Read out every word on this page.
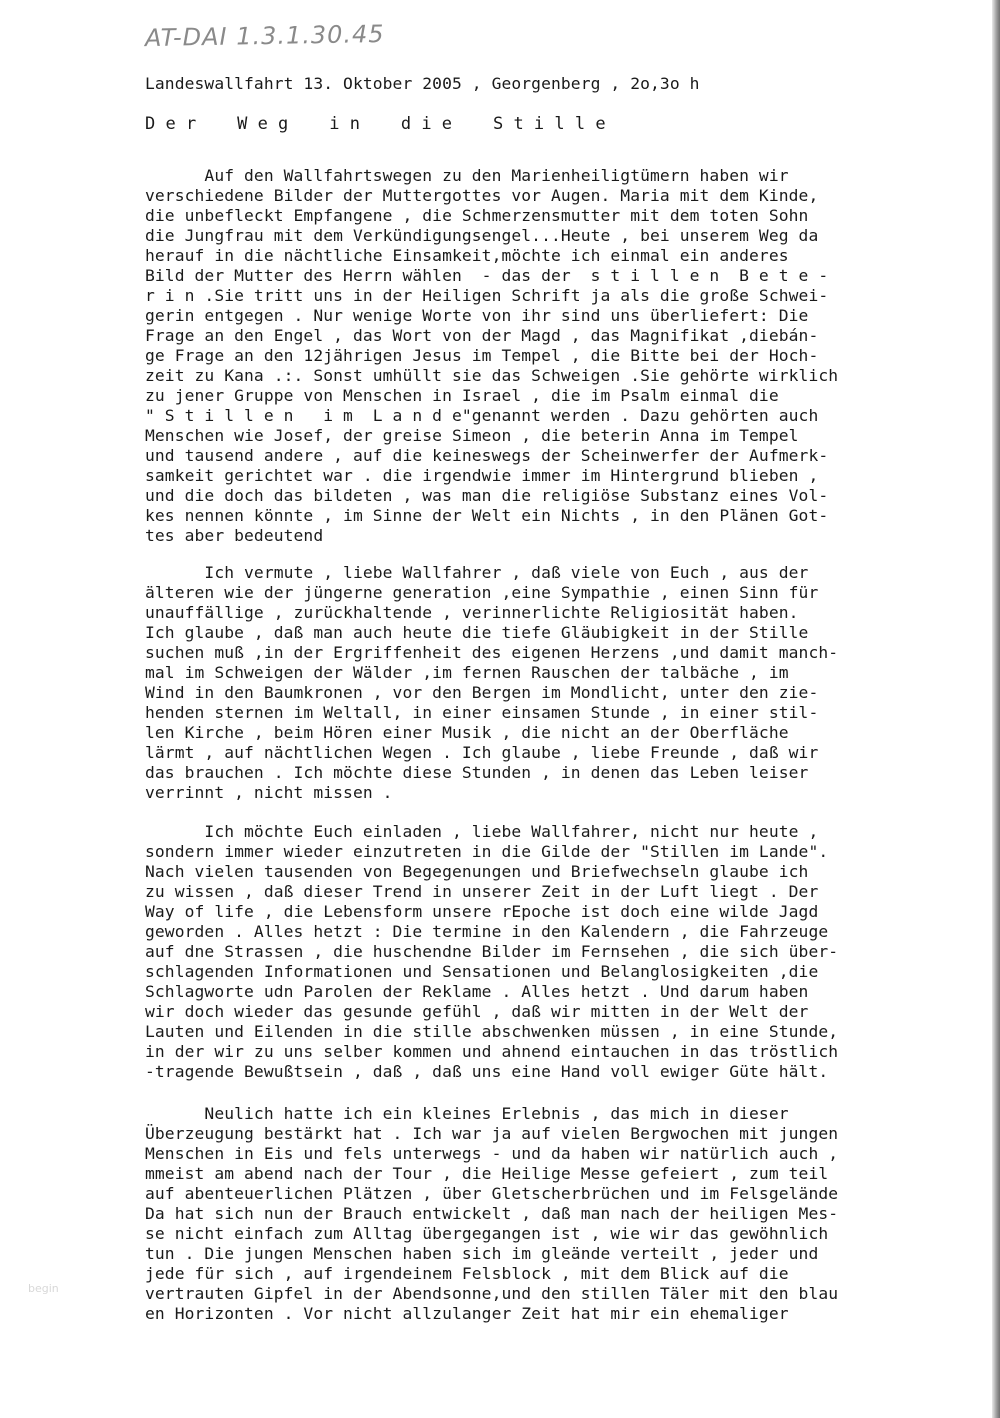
AT-DAI 1.3.1.30.45
Landeswallfahrt 13. Oktober 2005 , Georgenberg , 2o,3o h
D e r    W e g    i n    d i e    S t i l l e
Auf den Wallfahrtswegen zu den Marienheiligtümern haben wir
verschiedene Bilder der Muttergottes vor Augen. Maria mit dem Kinde,
die unbefleckt Empfangene , die Schmerzensmutter mit dem toten Sohn
die Jungfrau mit dem Verkündigungsengel...Heute , bei unserem Weg da
herauf in die nächtliche Einsamkeit,möchte ich einmal ein anderes
Bild der Mutter des Herrn wählen  - das der  s t i l l e n  B e t e -
r i n .Sie tritt uns in der Heiligen Schrift ja als die große Schwei-
gerin entgegen . Nur wenige Worte von ihr sind uns überliefert: Die
Frage an den Engel , das Wort von der Magd , das Magnifikat ,diebán-
ge Frage an den 12jährigen Jesus im Tempel , die Bitte bei der Hoch-
zeit zu Kana .:. Sonst umhüllt sie das Schweigen .Sie gehörte wirklich
zu jener Gruppe von Menschen in Israel , die im Psalm einmal die
" S t i l l e n   i m  L a n d e"genannt werden . Dazu gehörten auch
Menschen wie Josef, der greise Simeon , die beterin Anna im Tempel
und tausend andere , auf die keineswegs der Scheinwerfer der Aufmerk-
samkeit gerichtet war . die irgendwie immer im Hintergrund blieben ,
und die doch das bildeten , was man die religiöse Substanz eines Vol-
kes nennen könnte , im Sinne der Welt ein Nichts , in den Plänen Got-
tes aber bedeutend
Ich vermute , liebe Wallfahrer , daß viele von Euch , aus der
älteren wie der jüngerne generation ,eine Sympathie , einen Sinn für
unauffällige , zurückhaltende , verinnerlichte Religiosität haben.
Ich glaube , daß man auch heute die tiefe Gläubigkeit in der Stille
suchen muß ,in der Ergriffenheit des eigenen Herzens ,und damit manch-
mal im Schweigen der Wälder ,im fernen Rauschen der talbäche , im
Wind in den Baumkronen , vor den Bergen im Mondlicht, unter den zie-
henden sternen im Weltall, in einer einsamen Stunde , in einer stil-
len Kirche , beim Hören einer Musik , die nicht an der Oberfläche
lärmt , auf nächtlichen Wegen . Ich glaube , liebe Freunde , daß wir
das brauchen . Ich möchte diese Stunden , in denen das Leben leiser
verrinnt , nicht missen .
Ich möchte Euch einladen , liebe Wallfahrer, nicht nur heute ,
sondern immer wieder einzutreten in die Gilde der "Stillen im Lande".
Nach vielen tausenden von Begegenungen und Briefwechseln glaube ich
zu wissen , daß dieser Trend in unserer Zeit in der Luft liegt . Der
Way of life , die Lebensform unsere rEpoche ist doch eine wilde Jagd
geworden . Alles hetzt : Die termine in den Kalendern , die Fahrzeuge
auf dne Strassen , die huschendne Bilder im Fernsehen , die sich über-
schlagenden Informationen und Sensationen und Belanglosigkeiten ,die
Schlagworte udn Parolen der Reklame . Alles hetzt . Und darum haben
wir doch wieder das gesunde gefühl , daß wir mitten in der Welt der
Lauten und Eilenden in die stille abschwenken müssen , in eine Stunde,
in der wir zu uns selber kommen und ahnend eintauchen in das tröstlich
-tragende Bewußtsein , daß , daß uns eine Hand voll ewiger Güte hält.
Neulich hatte ich ein kleines Erlebnis , das mich in dieser
Überzeugung bestärkt hat . Ich war ja auf vielen Bergwochen mit jungen
Menschen in Eis und fels unterwegs - und da haben wir natürlich auch ,
mmeist am abend nach der Tour , die Heilige Messe gefeiert , zum teil
auf abenteuerlichen Plätzen , über Gletscherbrüchen und im Felsgelände
Da hat sich nun der Brauch entwickelt , daß man nach der heiligen Mes-
se nicht einfach zum Alltag übergegangen ist , wie wir das gewöhnlich
tun . Die jungen Menschen haben sich im gleände verteilt , jeder und
jede für sich , auf irgendeinem Felsblock , mit dem Blick auf die
vertrauten Gipfel in der Abendsonne,und den stillen Täler mit den blau
en Horizonten . Vor nicht allzulanger Zeit hat mir ein ehemaliger
begin
